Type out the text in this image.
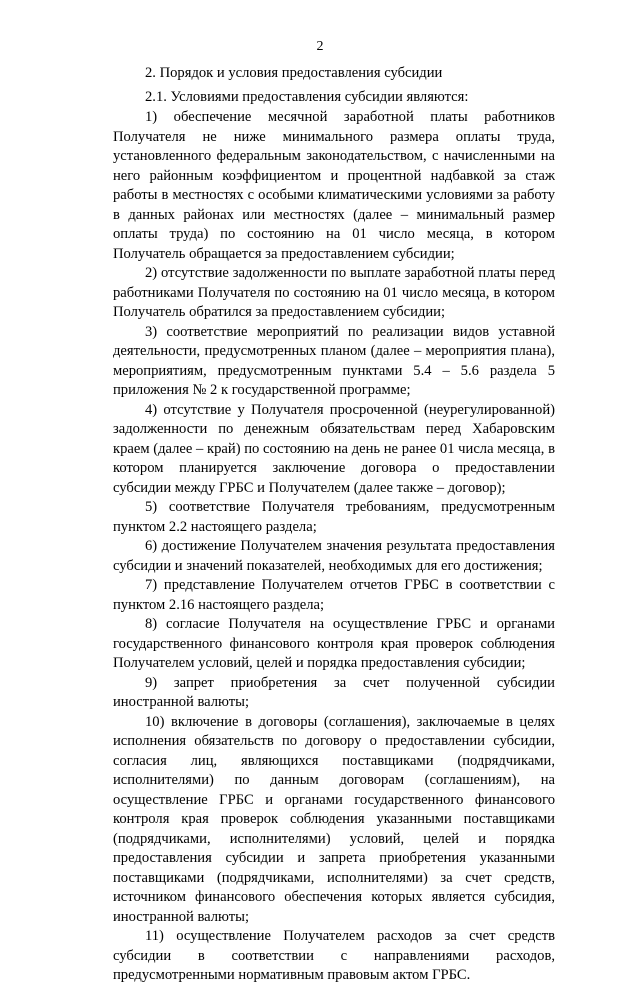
2

2. Порядок и условия предоставления субсидии

2.1. Условиями предоставления субсидии являются:

1) обеспечение месячной заработной платы работников Получателя не ниже минимального размера оплаты труда, установленного федеральным законодательством, с начисленными на него районным коэффициентом и процентной надбавкой за стаж работы в местностях с особыми климатическими условиями за работу в данных районах или местностях (далее – минимальный размер оплаты труда) по состоянию на 01 число месяца, в котором Получатель обращается за предоставлением субсидии;

2) отсутствие задолженности по выплате заработной платы перед работниками Получателя по состоянию на 01 число месяца, в котором Получатель обратился за предоставлением субсидии;

3) соответствие мероприятий по реализации видов уставной деятельности, предусмотренных планом (далее – мероприятия плана), мероприятиям, предусмотренным пунктами 5.4 – 5.6 раздела 5 приложения № 2 к государственной программе;

4) отсутствие у Получателя просроченной (неурегулированной) задолженности по денежным обязательствам перед Хабаровским краем (далее – край) по состоянию на день не ранее 01 числа месяца, в котором планируется заключение договора о предоставлении субсидии между ГРБС и Получателем (далее также – договор);

5) соответствие Получателя требованиям, предусмотренным пунктом 2.2 настоящего раздела;

6) достижение Получателем значения результата предоставления субсидии и значений показателей, необходимых для его достижения;

7) представление Получателем отчетов ГРБС в соответствии с пунктом 2.16 настоящего раздела;

8) согласие Получателя на осуществление ГРБС и органами государственного финансового контроля края проверок соблюдения Получателем условий, целей и порядка предоставления субсидии;

9) запрет приобретения за счет полученной субсидии иностранной валюты;

10) включение в договоры (соглашения), заключаемые в целях исполнения обязательств по договору о предоставлении субсидии, согласия лиц, являющихся поставщиками (подрядчиками, исполнителями) по данным договорам (соглашениям), на осуществление ГРБС и органами государственного финансового контроля края проверок соблюдения указанными поставщиками (подрядчиками, исполнителями) условий, целей и порядка предоставления субсидии и запрета приобретения указанными поставщиками (подрядчиками, исполнителями) за счет средств, источником финансового обеспечения которых является субсидия, иностранной валюты;

11) осуществление Получателем расходов за счет средств субсидии в соответствии с направлениями расходов, предусмотренными нормативным правовым актом ГРБС.
